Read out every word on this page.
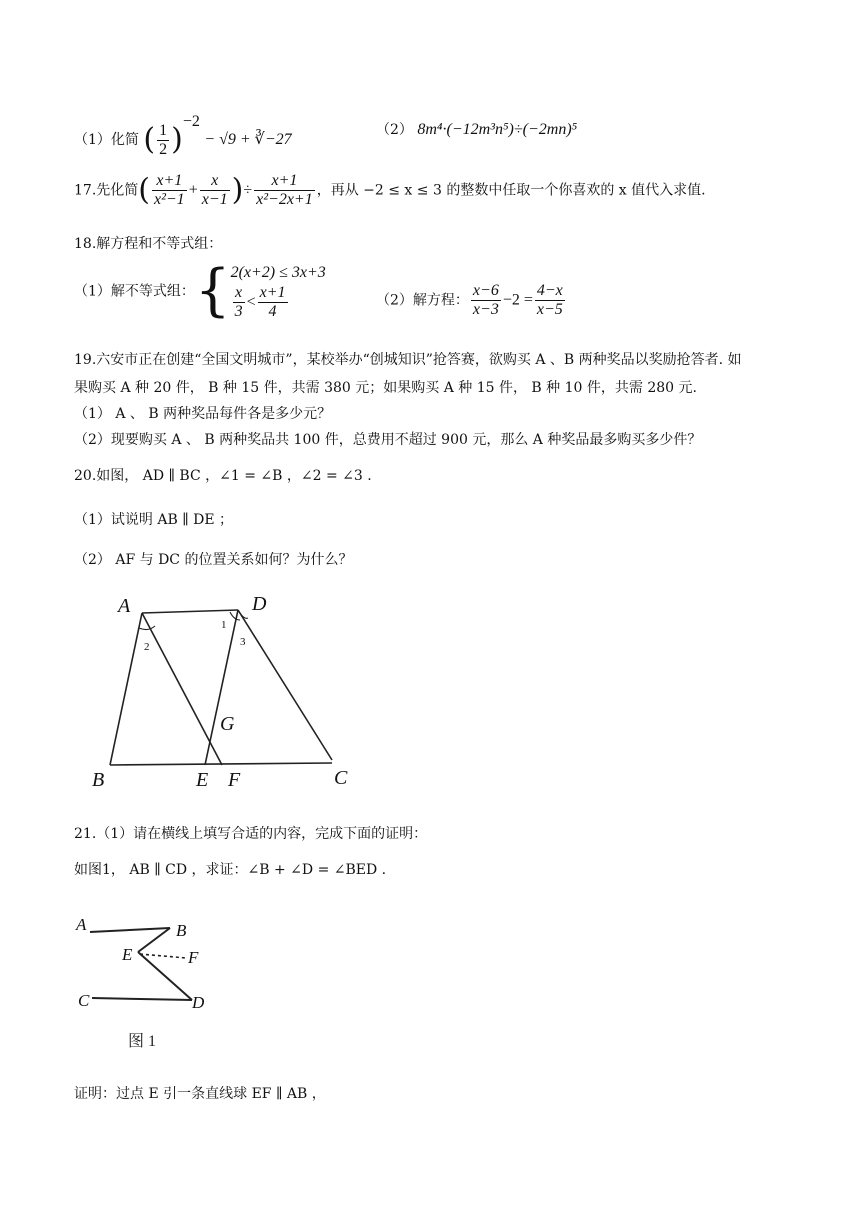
（1）化简 ( $\frac{1}{2} )^{-2} - √9$ + ∛−27
（2） 8m⁴·(−12m³n⁵)÷(−2mn)⁵
17.先化简( $\frac{x+1}{\text{x²−1}} + \frac{x}{x-1}$ )÷ $\frac{x+1}{\text{x²−2x+1}}$ ，再从 −2 ≤ x ≤ 3 的整数中任取一个你喜欢的 x 值代入求值.
18.解方程和不等式组：
（1）解不等式组：{ 2(x+2) ≤ 3x+3
$\frac{x}{3} < \frac{x+1}{4}$	（2）解方程： $\frac{x-6}{x-3} -2 = \frac{4-x}{x-5}$
19.六安市正在创建“全国文明城市”，某校举办“创城知识”抢答赛，欲购买 A 、B 两种奖品以奖励抢答者. 如
果购买 A 种 20 件， B 种 15 件，共需 380 元；如果购买 A 种 15 件， B 种 10 件，共需 280 元.
（1） A 、 B 两种奖品每件各是多少元？
（2）现要购买 A 、 B 两种奖品共 100 件，总费用不超过 900 元，那么 A 种奖品最多购买多少件？
20.如图， AD ∥ BC ，∠1 = ∠B ，∠2 = ∠3 .
（1）试说明 AB ∥ DE ；
（2） AF 与 DC 的位置关系如何？为什么？
A	D
B	E F	C
G
2
1
3
21.（1）请在横线上填写合适的内容，完成下面的证明：
如图1， AB ∥ CD ，求证：∠B + ∠D = ∠BED .
A	B
E	F
C	D
图 1
证明：过点 E 引一条直线球 EF ∥ AB ，
